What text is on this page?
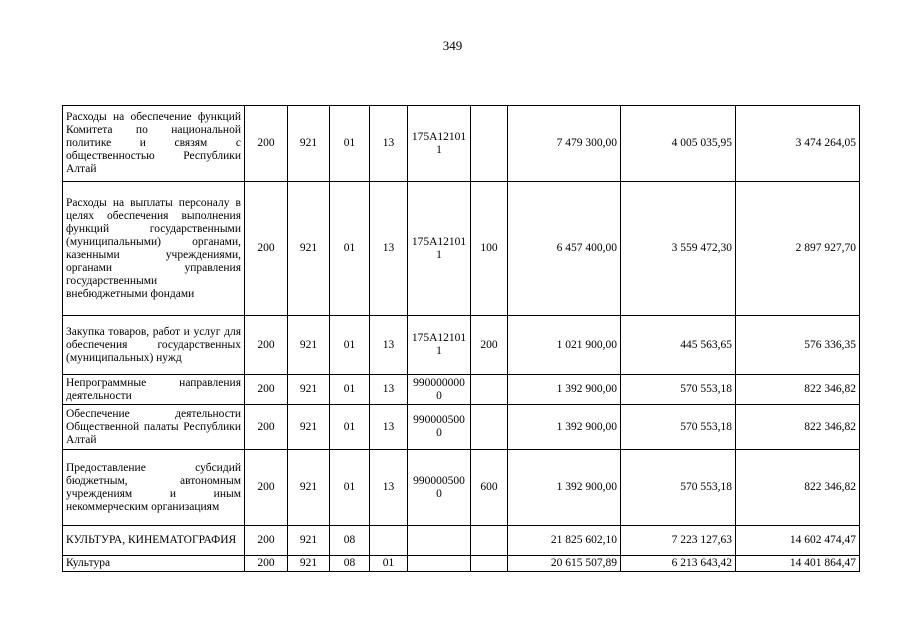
349
Расходы на обеспечение функций Комитета по национальной политике и связям с общественностью Республики Алтай	200	921	01	13	175A121011		7 479 300,00	4 005 035,95	3 474 264,05
Расходы на выплаты персоналу в целях обеспечения выполнения функций государственными (муниципальными) органами, казенными учреждениями, органами управления государственными внебюджетными фондами	200	921	01	13	175A121011	100	6 457 400,00	3 559 472,30	2 897 927,70
Закупка товаров, работ и услуг для обеспечения государственных (муниципальных) нужд	200	921	01	13	175A121011	200	1 021 900,00	445 563,65	576 336,35
Непрограммные направления деятельности	200	921	01	13	9900000000		1 392 900,00	570 553,18	822 346,82
Обеспечение деятельности Общественной палаты Республики Алтай	200	921	01	13	9900005000		1 392 900,00	570 553,18	822 346,82
Предоставление субсидий бюджетным, автономным учреждениям и иным некоммерческим организациям	200	921	01	13	9900005000	600	1 392 900,00	570 553,18	822 346,82
КУЛЬТУРА, КИНЕМАТОГРАФИЯ	200	921	08				21 825 602,10	7 223 127,63	14 602 474,47
Культура	200	921	08	01			20 615 507,89	6 213 643,42	14 401 864,47
